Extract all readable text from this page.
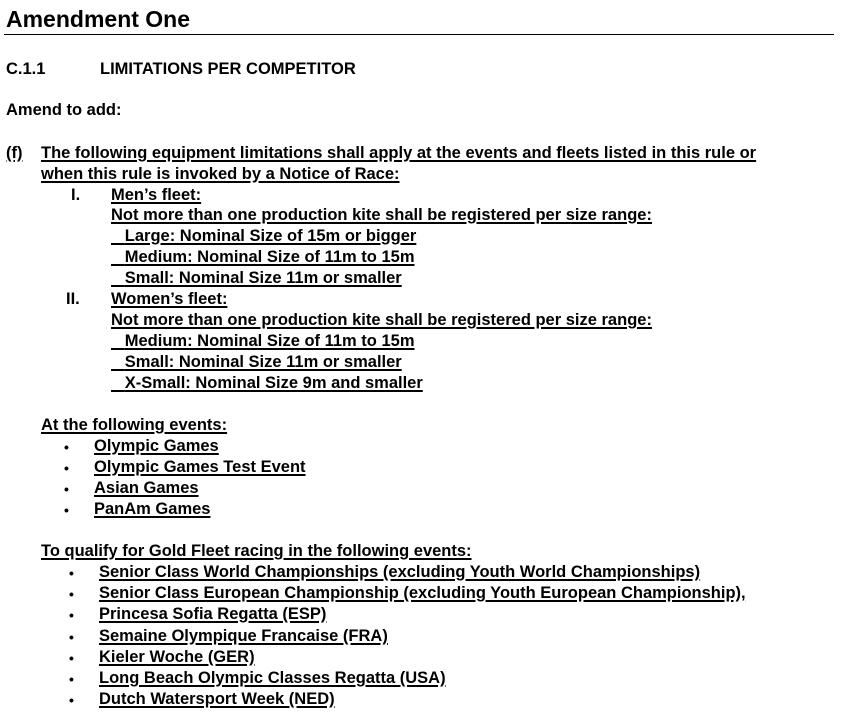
Amendment One
C.1.1	LIMITATIONS PER COMPETITOR
Amend to add:
(f) The following equipment limitations shall apply at the events and fleets listed in this rule or
when this rule is invoked by a Notice of Race:
I. Men’s fleet:
Not more than one production kite shall be registered per size range:
Large: Nominal Size of 15m or bigger
Medium: Nominal Size of 11m to 15m
Small: Nominal Size 11m or smaller
II. Women’s fleet:
Not more than one production kite shall be registered per size range:
Medium: Nominal Size of 11m to 15m
Small: Nominal Size 11m or smaller
X-Small: Nominal Size 9m and smaller
At the following events:
• Olympic Games
• Olympic Games Test Event
• Asian Games
• PanAm Games
To qualify for Gold Fleet racing in the following events:
• Senior Class World Championships (excluding Youth World Championships)
• Senior Class European Championship (excluding Youth European Championship),
• Princesa Sofia Regatta (ESP)
• Semaine Olympique Francaise (FRA)
• Kieler Woche (GER)
• Long Beach Olympic Classes Regatta (USA)
• Dutch Watersport Week (NED)
